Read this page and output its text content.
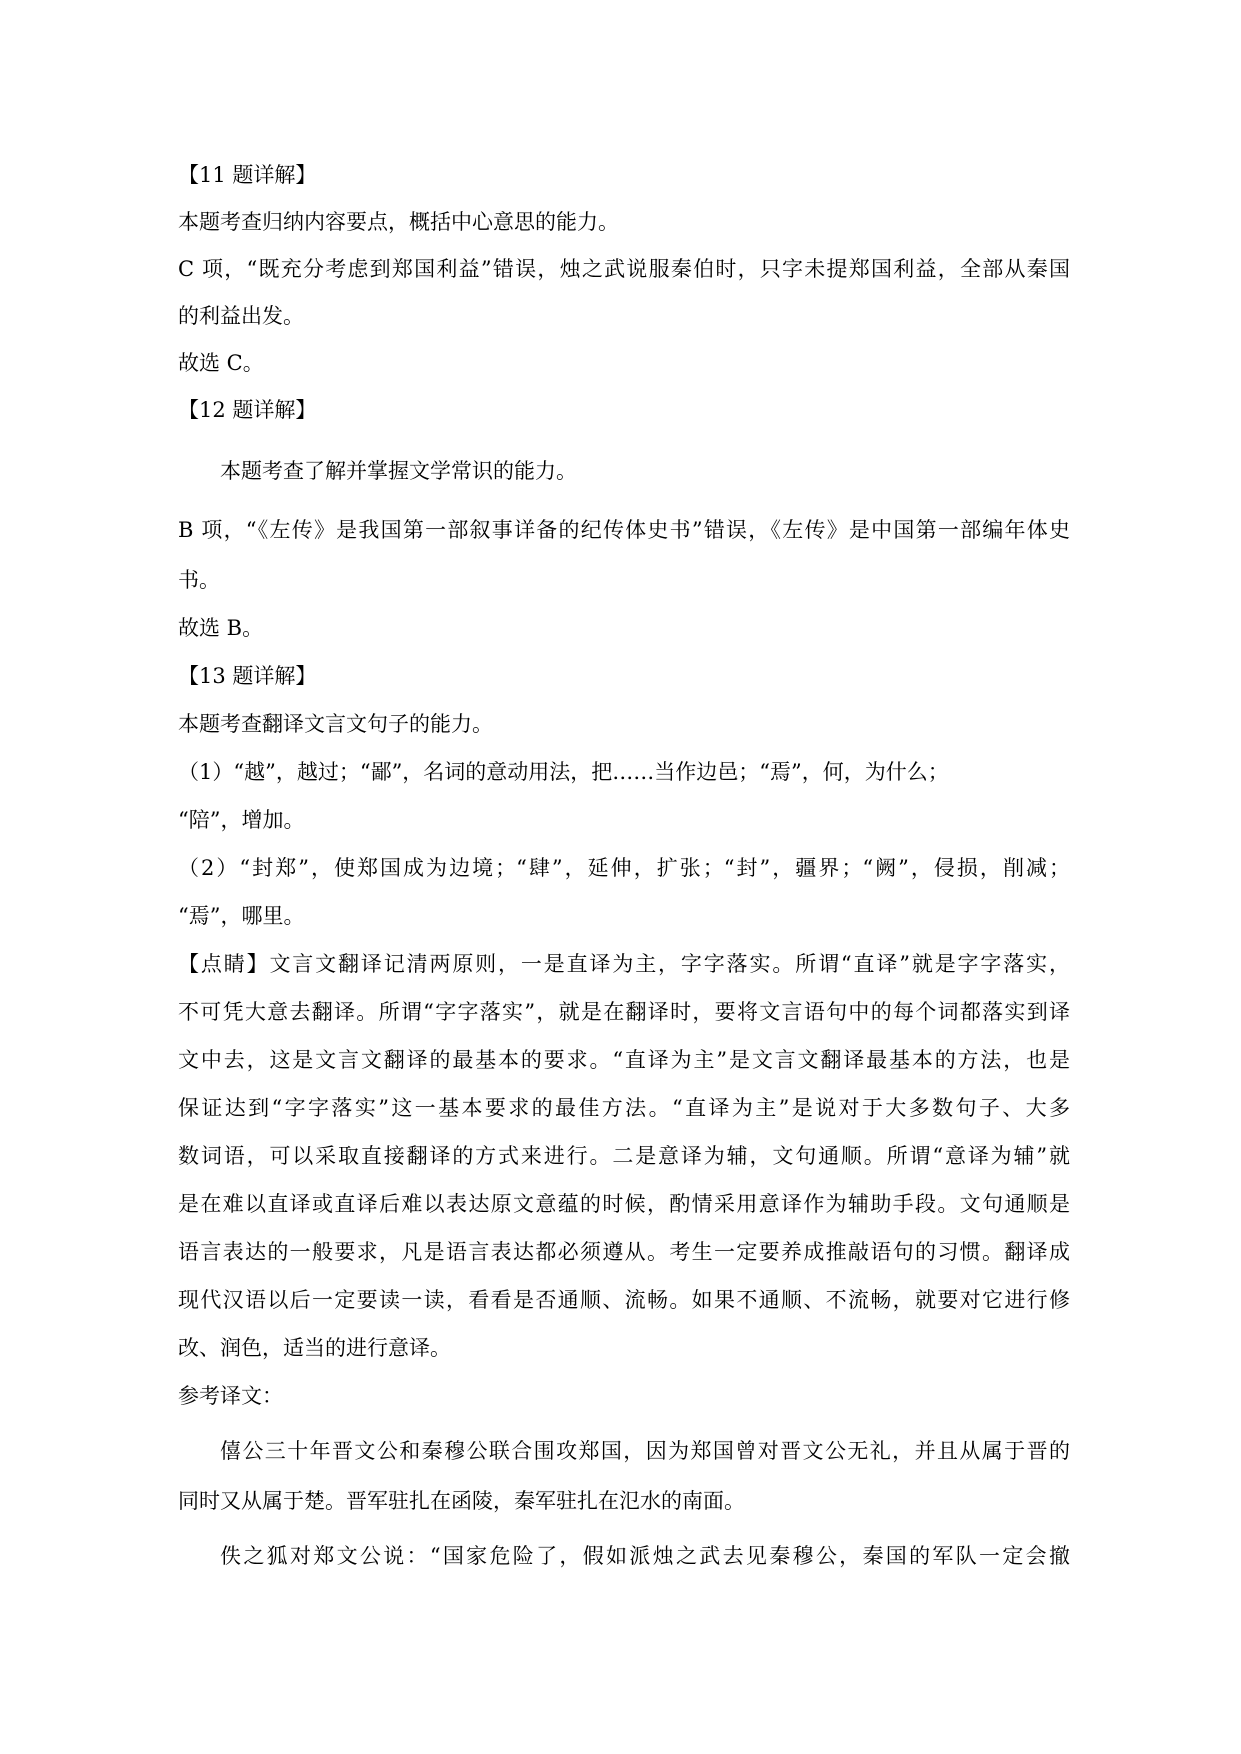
【11 题详解】
本题考查归纳内容要点，概括中心意思的能力。
C 项，“既充分考虑到郑国利益”错误，烛之武说服秦伯时，只字未提郑国利益，全部从秦国
的利益出发。
故选 C。
【12 题详解】
本题考查了解并掌握文学常识的能力。
B 项，“《左传》是我国第一部叙事详备的纪传体史书”错误，《左传》是中国第一部编年体史
书。
故选 B。
【13 题详解】
本题考查翻译文言文句子的能力。
（1）“越”，越过；“鄙”，名词的意动用法，把……当作边邑；“焉”，何，为什么；
“陪”，增加。
（2）“封郑”，使郑国成为边境；“肆”，延伸，扩张；“封”，疆界；“阙”，侵损，削减；
“焉”，哪里。
【点睛】文言文翻译记清两原则，一是直译为主，字字落实。所谓“直译”就是字字落实，
不可凭大意去翻译。所谓“字字落实”，就是在翻译时，要将文言语句中的每个词都落实到译
文中去，这是文言文翻译的最基本的要求。“直译为主”是文言文翻译最基本的方法，也是
保证达到“字字落实”这一基本要求的最佳方法。“直译为主”是说对于大多数句子、大多
数词语，可以采取直接翻译的方式来进行。二是意译为辅，文句通顺。所谓“意译为辅”就
是在难以直译或直译后难以表达原文意蕴的时候，酌情采用意译作为辅助手段。文句通顺是
语言表达的一般要求，凡是语言表达都必须遵从。考生一定要养成推敲语句的习惯。翻译成
现代汉语以后一定要读一读，看看是否通顺、流畅。如果不通顺、不流畅，就要对它进行修
改、润色，适当的进行意译。
参考译文：
僖公三十年晋文公和秦穆公联合围攻郑国，因为郑国曾对晋文公无礼，并且从属于晋的
同时又从属于楚。晋军驻扎在函陵，秦军驻扎在氾水的南面。
佚之狐对郑文公说：“国家危险了，假如派烛之武去见秦穆公，秦国的军队一定会撤
